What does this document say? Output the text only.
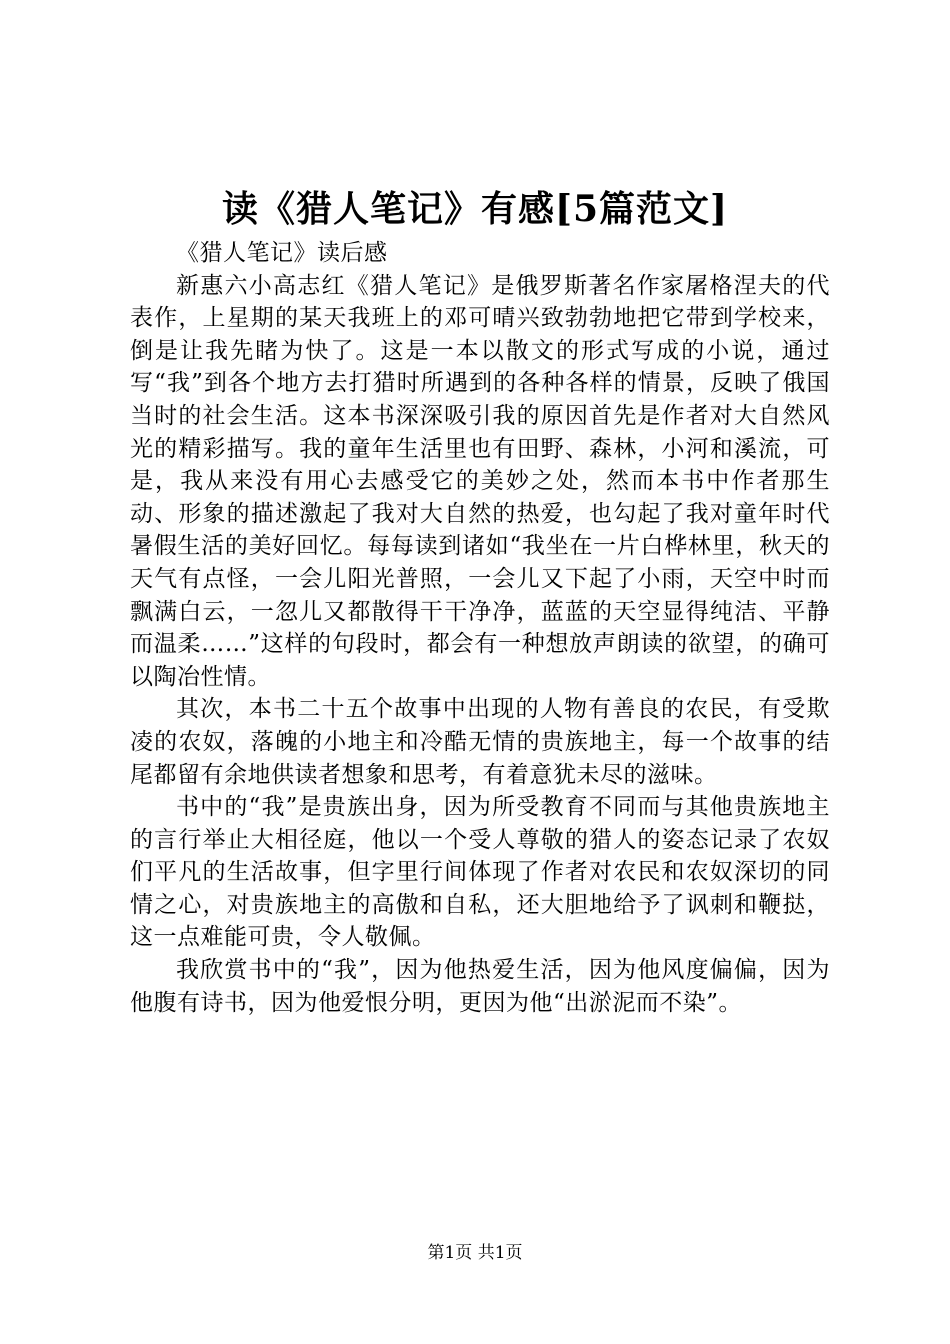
读《猎人笔记》有感[5篇范文]

《猎人笔记》读后感

新惠六小高志红《猎人笔记》是俄罗斯著名作家屠格涅夫的代表作，上星期的某天我班上的邓可晴兴致勃勃地把它带到学校来，倒是让我先睹为快了。这是一本以散文的形式写成的小说，通过写“我”到各个地方去打猎时所遇到的各种各样的情景，反映了俄国当时的社会生活。这本书深深吸引我的原因首先是作者对大自然风光的精彩描写。我的童年生活里也有田野、森林，小河和溪流，可是，我从来没有用心去感受它的美妙之处，然而本书中作者那生动、形象的描述激起了我对大自然的热爱，也勾起了我对童年时代暑假生活的美好回忆。每每读到诸如“我坐在一片白桦林里，秋天的天气有点怪，一会儿阳光普照，一会儿又下起了小雨，天空中时而飘满白云，一忽儿又都散得干干净净，蓝蓝的天空显得纯洁、平静而温柔……”这样的句段时，都会有一种想放声朗读的欲望，的确可以陶冶性情。

其次，本书二十五个故事中出现的人物有善良的农民，有受欺凌的农奴，落魄的小地主和冷酷无情的贵族地主，每一个故事的结尾都留有余地供读者想象和思考，有着意犹未尽的滋味。

书中的“我”是贵族出身，因为所受教育不同而与其他贵族地主的言行举止大相径庭，他以一个受人尊敬的猎人的姿态记录了农奴们平凡的生活故事，但字里行间体现了作者对农民和农奴深切的同情之心，对贵族地主的高傲和自私，还大胆地给予了讽刺和鞭挞，这一点难能可贵，令人敬佩。

我欣赏书中的“我”，因为他热爱生活，因为他风度偏偏，因为他腹有诗书，因为他爱恨分明，更因为他“出淤泥而不染”。

第1页 共1页
